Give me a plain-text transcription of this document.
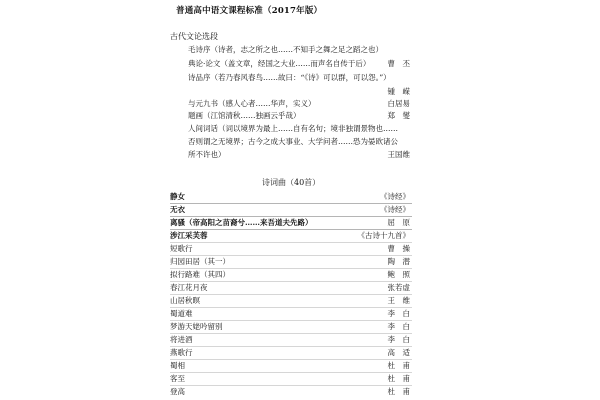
普通高中语文课程标准（2017年版）
古代文论选段
毛诗序（诗者，志之所之也……不知手之舞之足之蹈之也）
典论·论文（盖文章，经国之大业……而声名自传于后） 曹　丕
诗品序（若乃春风春鸟……故曰：“《诗》可以群，可以怨。”）
锺　嵘
与元九书（感人心者……华声，实义）	白居易
题画（江馆清秋……独画云乎哉）	郑　燮
人间词话（词以境界为最上……自有名句；境非独谓景物也……
否则谓之无境界；古今之成大事业、大学问者……恐为晏欧诸公
所不许也）	王国维
诗词曲（40首）
静女	《诗经》
无衣	《诗经》
离骚（帝高阳之苗裔兮……来吾道夫先路）	屈　原
涉江采芙蓉	《古诗十九首》
短歌行	曹　操
归园田居（其一）	陶　潜
拟行路难（其四）	鲍　照
春江花月夜	张若虚
山居秋暝	王　维
蜀道难	李　白
梦游天姥吟留别	李　白
将进酒	李　白
燕歌行	高　适
蜀相	杜　甫
客至	杜　甫
登高	杜　甫
